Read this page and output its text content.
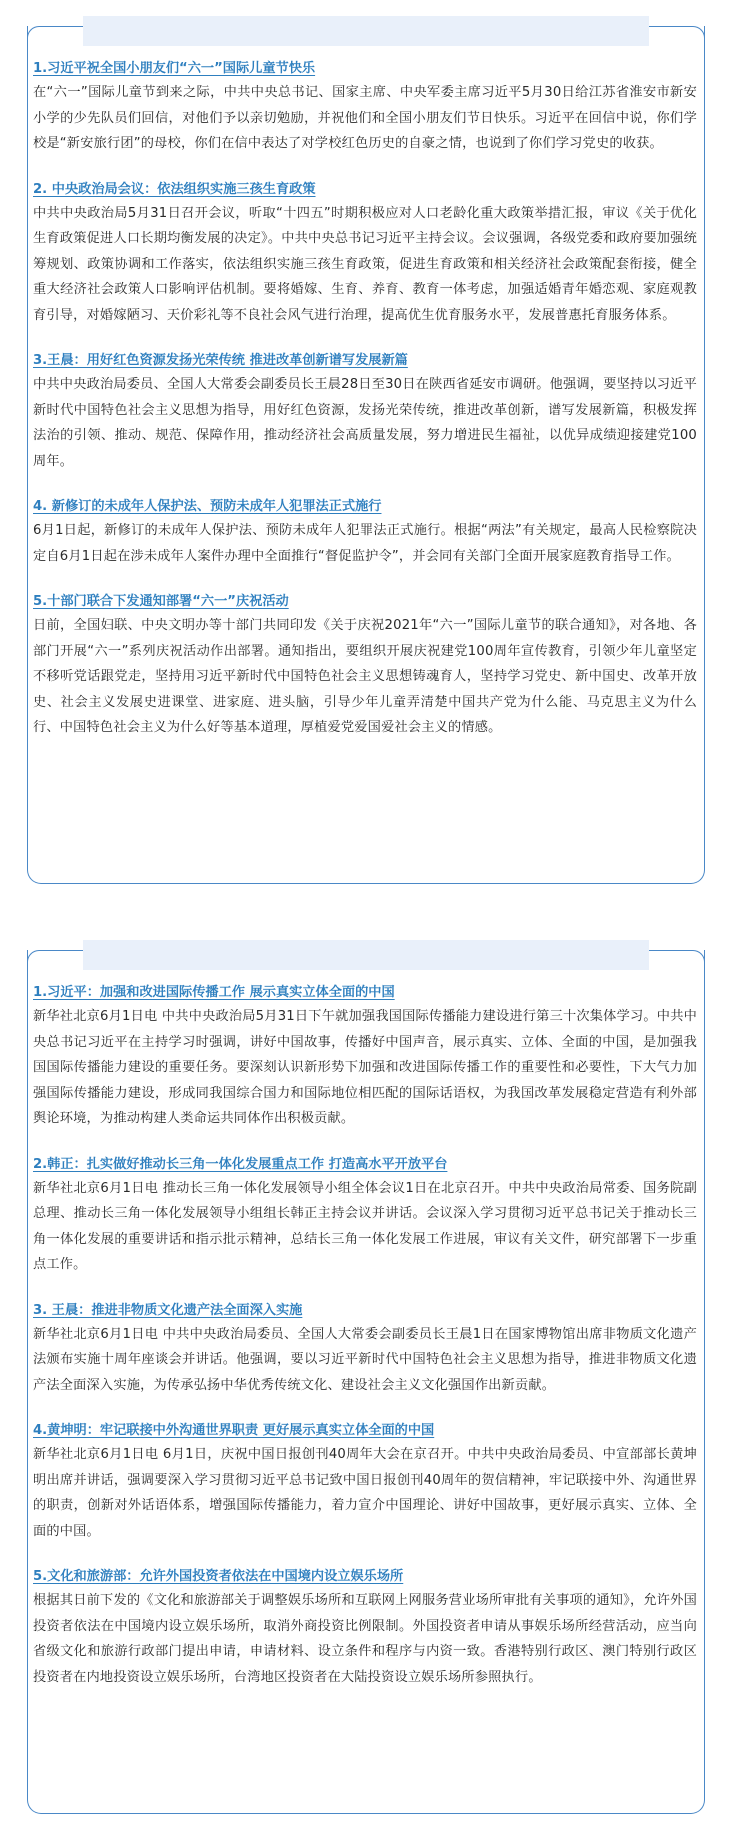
1.习近平祝全国小朋友们“六一”国际儿童节快乐
在“六一”国际儿童节到来之际，中共中央总书记、国家主席、中央军委主席习近平5月30日给江苏省淮安市新安小学的少先队员们回信，对他们予以亲切勉励，并祝他们和全国小朋友们节日快乐。习近平在回信中说，你们学校是“新安旅行团”的母校，你们在信中表达了对学校红色历史的自豪之情，也说到了你们学习党史的收获。
2. 中央政治局会议：依法组织实施三孩生育政策
中共中央政治局5月31日召开会议，听取“十四五”时期积极应对人口老龄化重大政策举措汇报，审议《关于优化生育政策促进人口长期均衡发展的决定》。中共中央总书记习近平主持会议。会议强调，各级党委和政府要加强统筹规划、政策协调和工作落实，依法组织实施三孩生育政策，促进生育政策和相关经济社会政策配套衔接，健全重大经济社会政策人口影响评估机制。要将婚嫁、生育、养育、教育一体考虑，加强适婚青年婚恋观、家庭观教育引导，对婚嫁陋习、天价彩礼等不良社会风气进行治理，提高优生优育服务水平，发展普惠托育服务体系。
3.王晨：用好红色资源发扬光荣传统 推进改革创新谱写发展新篇
中共中央政治局委员、全国人大常委会副委员长王晨28日至30日在陕西省延安市调研。他强调，要坚持以习近平新时代中国特色社会主义思想为指导，用好红色资源，发扬光荣传统，推进改革创新，谱写发展新篇，积极发挥法治的引领、推动、规范、保障作用，推动经济社会高质量发展，努力增进民生福祉，以优异成绩迎接建党100周年。
4. 新修订的未成年人保护法、预防未成年人犯罪法正式施行
6月1日起，新修订的未成年人保护法、预防未成年人犯罪法正式施行。根据“两法”有关规定，最高人民检察院决定自6月1日起在涉未成年人案件办理中全面推行“督促监护令”，并会同有关部门全面开展家庭教育指导工作。
5.十部门联合下发通知部署“六一”庆祝活动
日前，全国妇联、中央文明办等十部门共同印发《关于庆祝2021年“六一”国际儿童节的联合通知》，对各地、各部门开展“六一”系列庆祝活动作出部署。通知指出，要组织开展庆祝建党100周年宣传教育，引领少年儿童坚定不移听党话跟党走，坚持用习近平新时代中国特色社会主义思想铸魂育人，坚持学习党史、新中国史、改革开放史、社会主义发展史进课堂、进家庭、进头脑，引导少年儿童弄清楚中国共产党为什么能、马克思主义为什么行、中国特色社会主义为什么好等基本道理，厚植爱党爱国爱社会主义的情感。
1.习近平：加强和改进国际传播工作 展示真实立体全面的中国
新华社北京6月1日电 中共中央政治局5月31日下午就加强我国国际传播能力建设进行第三十次集体学习。中共中央总书记习近平在主持学习时强调，讲好中国故事，传播好中国声音，展示真实、立体、全面的中国，是加强我国国际传播能力建设的重要任务。要深刻认识新形势下加强和改进国际传播工作的重要性和必要性，下大气力加强国际传播能力建设，形成同我国综合国力和国际地位相匹配的国际话语权，为我国改革发展稳定营造有利外部舆论环境，为推动构建人类命运共同体作出积极贡献。
2.韩正：扎实做好推动长三角一体化发展重点工作 打造高水平开放平台
新华社北京6月1日电 推动长三角一体化发展领导小组全体会议1日在北京召开。中共中央政治局常委、国务院副总理、推动长三角一体化发展领导小组组长韩正主持会议并讲话。会议深入学习贯彻习近平总书记关于推动长三角一体化发展的重要讲话和指示批示精神，总结长三角一体化发展工作进展，审议有关文件，研究部署下一步重点工作。
3. 王晨：推进非物质文化遗产法全面深入实施
新华社北京6月1日电 中共中央政治局委员、全国人大常委会副委员长王晨1日在国家博物馆出席非物质文化遗产法颁布实施十周年座谈会并讲话。他强调，要以习近平新时代中国特色社会主义思想为指导，推进非物质文化遗产法全面深入实施，为传承弘扬中华优秀传统文化、建设社会主义文化强国作出新贡献。
4.黄坤明：牢记联接中外沟通世界职责 更好展示真实立体全面的中国
新华社北京6月1日电 6月1日，庆祝中国日报创刊40周年大会在京召开。中共中央政治局委员、中宣部部长黄坤明出席并讲话，强调要深入学习贯彻习近平总书记致中国日报创刊40周年的贺信精神，牢记联接中外、沟通世界的职责，创新对外话语体系，增强国际传播能力，着力宣介中国理论、讲好中国故事，更好展示真实、立体、全面的中国。
5.文化和旅游部：允许外国投资者依法在中国境内设立娱乐场所
根据其日前下发的《文化和旅游部关于调整娱乐场所和互联网上网服务营业场所审批有关事项的通知》，允许外国投资者依法在中国境内设立娱乐场所，取消外商投资比例限制。外国投资者申请从事娱乐场所经营活动，应当向省级文化和旅游行政部门提出申请，申请材料、设立条件和程序与内资一致。香港特别行政区、澳门特别行政区投资者在内地投资设立娱乐场所，台湾地区投资者在大陆投资设立娱乐场所参照执行。
